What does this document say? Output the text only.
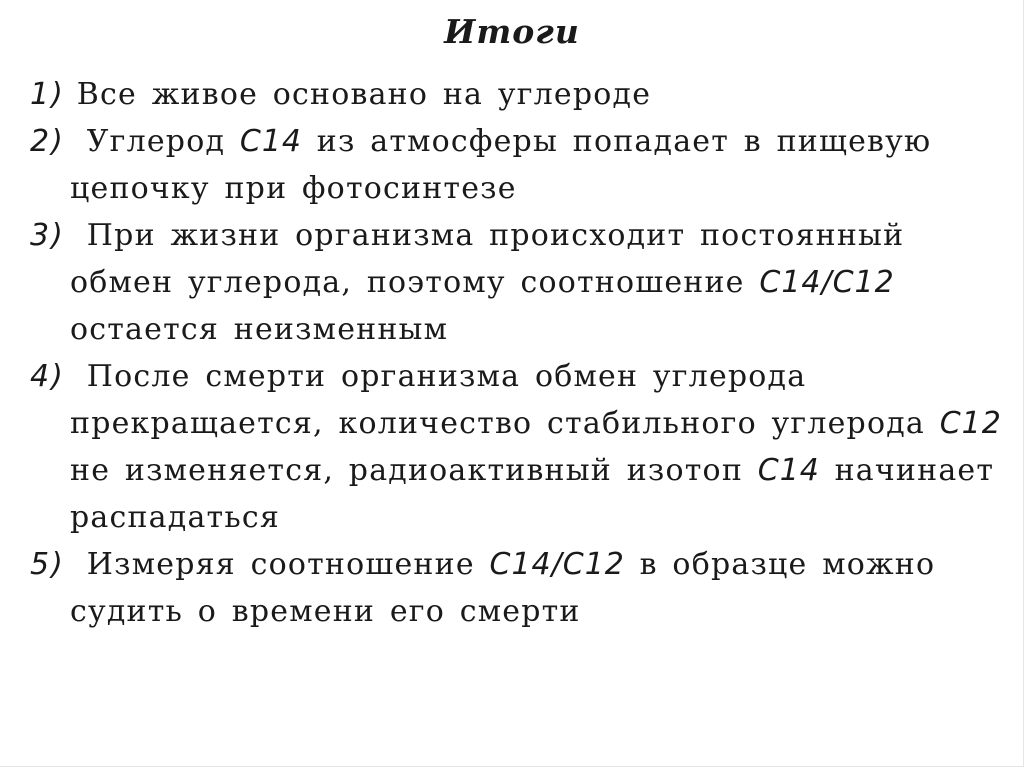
Итоги
1) Все живое основано на углероде
2) Углерод C14 из атмосферы попадает в пищевую цепочку при фотосинтезе
3) При жизни организма происходит постоянный обмен углерода, поэтому соотношение C14/C12 остается неизменным
4) После смерти организма обмен углерода прекращается, количество стабильного углерода C12 не изменяется, радиоактивный изотоп C14 начинает распадаться
5) Измеряя соотношение C14/C12 в образце можно судить о времени его смерти
